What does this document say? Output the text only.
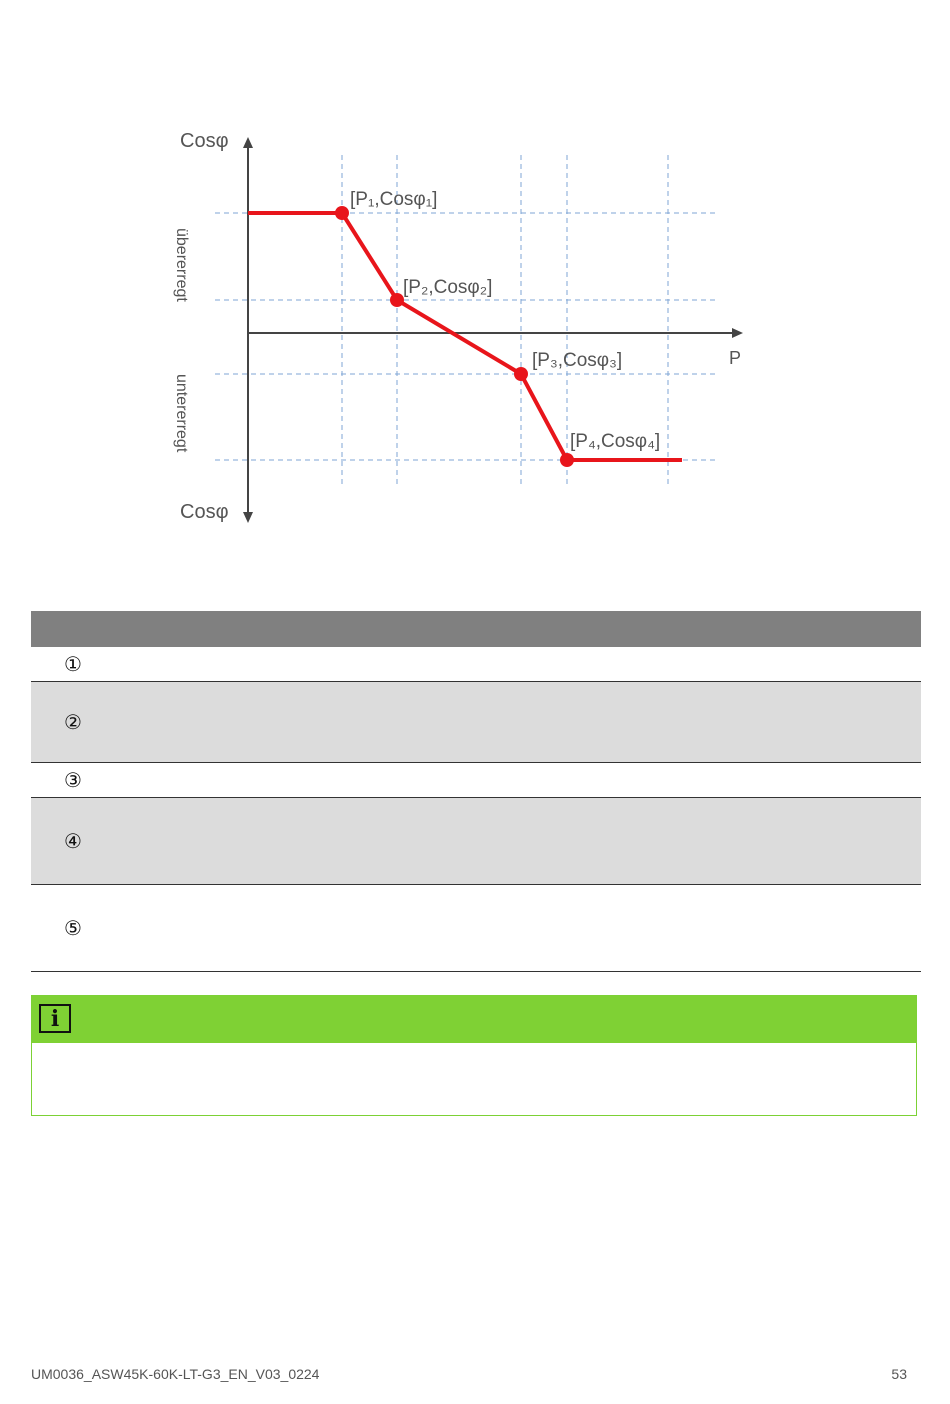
Cosφ
Cosφ
P
übererregt
untererregt
[P₁,Cosφ₁]
[P₂,Cosφ₂]
[P₃,Cosφ₃]
[P₄,Cosφ₄]
①
②
③
④
⑤
i
UM0036_ASW45K-60K-LT-G3_EN_V03_0224	53
